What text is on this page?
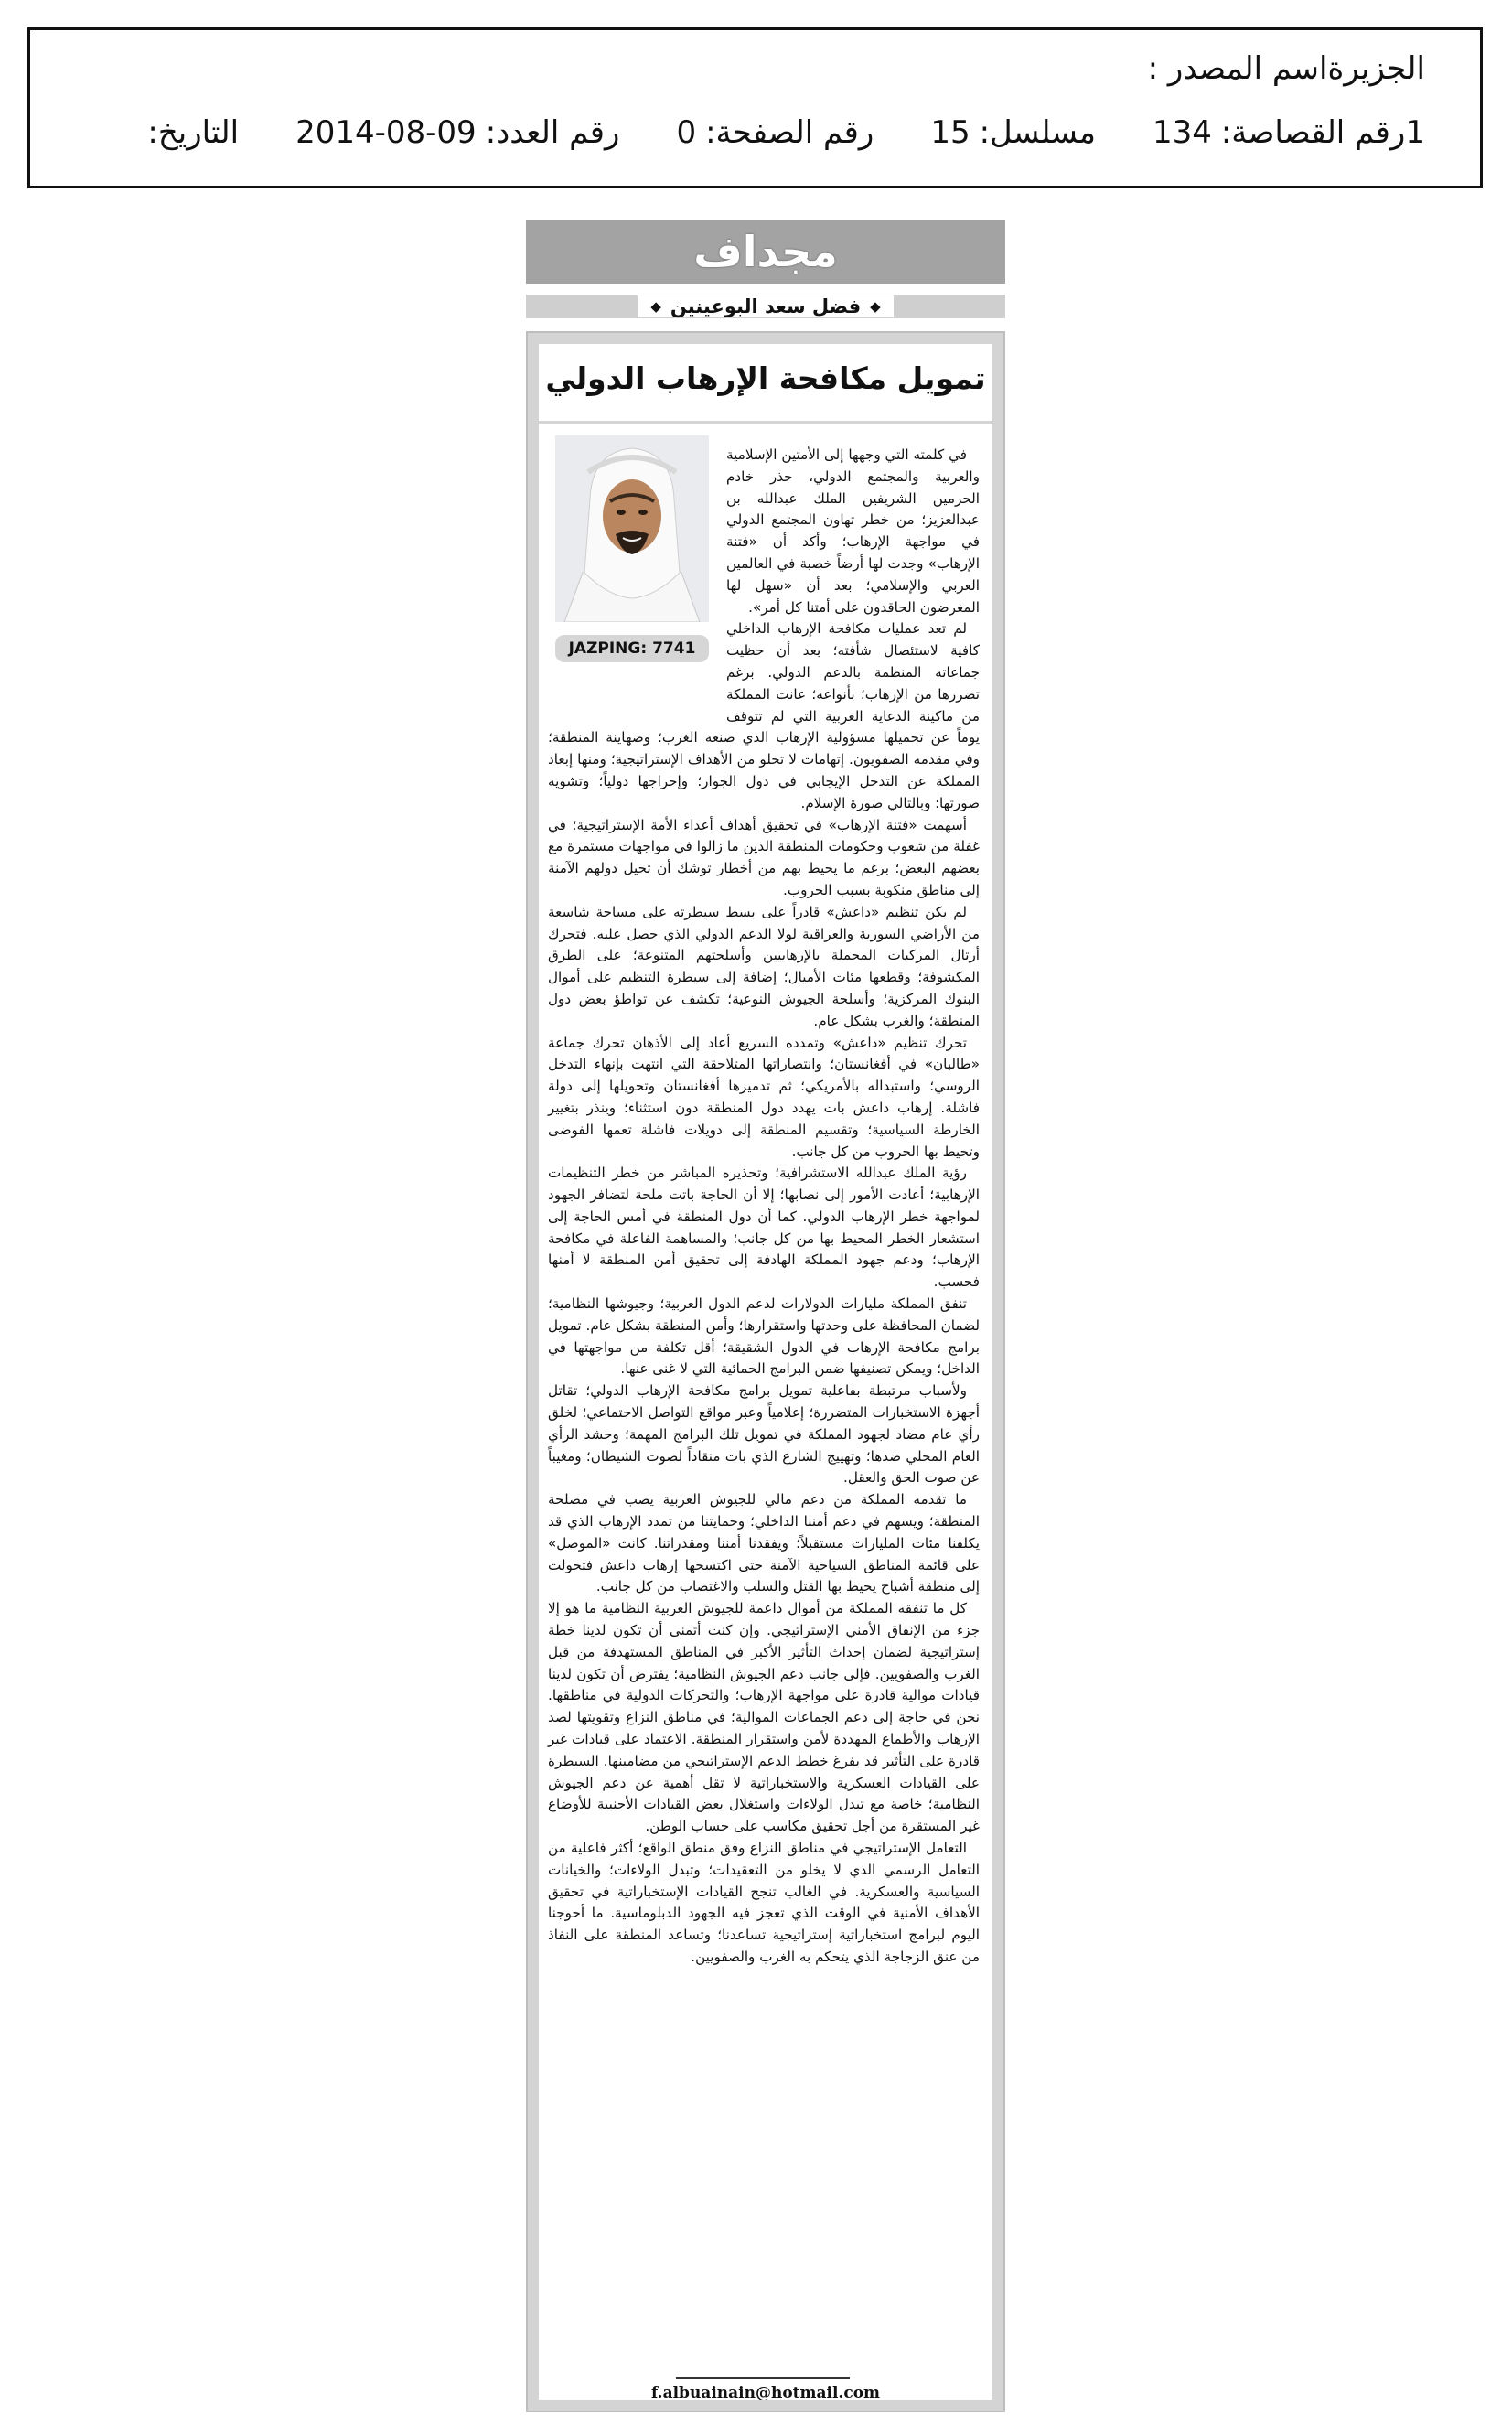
اسم المصدر : الجزيرة
التاريخ: 2014-08-09 رقم العدد: 0 رقم الصفحة: 15 مسلسل: 134 رقم القصاصة: 1
مجداف
◆
فضل سعد البوعينين
◆
تمويل مكافحة الإرهاب الدولي
JAZPING: 7741

في كلمته التي وجهها إلى الأمتين الإسلامية والعربية والمجتمع الدولي، حذر خادم الحرمين الشريفين الملك عبدالله بن عبدالعزيز؛ من خطر تهاون المجتمع الدولي في مواجهة الإرهاب؛ وأكد أن «فتنة الإرهاب» وجدت لها أرضاً خصبة في العالمين العربي والإسلامي؛ بعد أن «سهل لها المغرضون الحاقدون على أمتنا كل أمر».

لم تعد عمليات مكافحة الإرهاب الداخلي كافية لاستئصال شأفته؛ بعد أن حظيت جماعاته المنظمة بالدعم الدولي. برغم تضررها من الإرهاب؛ بأنواعه؛ عانت المملكة من ماكينة الدعاية الغربية التي لم تتوقف يوماً عن تحميلها مسؤولية الإرهاب الذي صنعه الغرب؛ وصهاينة المنطقة؛ وفي مقدمه الصفويون. إتهامات لا تخلو من الأهداف الإستراتيجية؛ ومنها إبعاد المملكة عن التدخل الإيجابي في دول الجوار؛ وإحراجها دولياً؛ وتشويه صورتها؛ وبالتالي صورة الإسلام.

أسهمت «فتنة الإرهاب» في تحقيق أهداف أعداء الأمة الإستراتيجية؛ في غفلة من شعوب وحكومات المنطقة الذين ما زالوا في مواجهات مستمرة مع بعضهم البعض؛ برغم ما يحيط بهم من أخطار توشك أن تحيل دولهم الآمنة إلى مناطق منكوبة بسبب الحروب.

لم يكن تنظيم «داعش» قادراً على بسط سيطرته على مساحة شاسعة من الأراضي السورية والعراقية لولا الدعم الدولي الذي حصل عليه. فتحرك أرتال المركبات المحملة بالإرهابيين وأسلحتهم المتنوعة؛ على الطرق المكشوفة؛ وقطعها مئات الأميال؛ إضافة إلى سيطرة التنظيم على أموال البنوك المركزية؛ وأسلحة الجيوش النوعية؛ تكشف عن تواطؤ بعض دول المنطقة؛ والغرب بشكل عام.

تحرك تنظيم «داعش» وتمدده السريع أعاد إلى الأذهان تحرك جماعة «طالبان» في أفغانستان؛ وانتصاراتها المتلاحقة التي انتهت بإنهاء التدخل الروسي؛ واستبداله بالأمريكي؛ ثم تدميرها أفغانستان وتحويلها إلى دولة فاشلة. إرهاب داعش بات يهدد دول المنطقة دون استثناء؛ وينذر بتغيير الخارطة السياسية؛ وتقسيم المنطقة إلى دويلات فاشلة تعمها الفوضى وتحيط بها الحروب من كل جانب.

رؤية الملك عبدالله الاستشرافية؛ وتحذيره المباشر من خطر التنظيمات الإرهابية؛ أعادت الأمور إلى نصابها؛ إلا أن الحاجة باتت ملحة لتضافر الجهود لمواجهة خطر الإرهاب الدولي. كما أن دول المنطقة في أمس الحاجة إلى استشعار الخطر المحيط بها من كل جانب؛ والمساهمة الفاعلة في مكافحة الإرهاب؛ ودعم جهود المملكة الهادفة إلى تحقيق أمن المنطقة لا أمنها فحسب.

تنفق المملكة مليارات الدولارات لدعم الدول العربية؛ وجيوشها النظامية؛ لضمان المحافظة على وحدتها واستقرارها؛ وأمن المنطقة بشكل عام. تمويل برامج مكافحة الإرهاب في الدول الشقيقة؛ أقل تكلفة من مواجهتها في الداخل؛ ويمكن تصنيفها ضمن البرامج الحمائية التي لا غنى عنها.

ولأسباب مرتبطة بفاعلية تمويل برامج مكافحة الإرهاب الدولي؛ تقاتل أجهزة الاستخبارات المتضررة؛ إعلامياً وعبر مواقع التواصل الاجتماعي؛ لخلق رأي عام مضاد لجهود المملكة في تمويل تلك البرامج المهمة؛ وحشد الرأي العام المحلي ضدها؛ وتهييج الشارع الذي بات منقاداً لصوت الشيطان؛ ومغيباً عن صوت الحق والعقل.

ما تقدمه المملكة من دعم مالي للجيوش العربية يصب في مصلحة المنطقة؛ ويسهم في دعم أمننا الداخلي؛ وحمايتنا من تمدد الإرهاب الذي قد يكلفنا مئات المليارات مستقبلاً؛ ويفقدنا أمننا ومقدراتنا. كانت «الموصل» على قائمة المناطق السياحية الآمنة حتى اكتسحها إرهاب داعش فتحولت إلى منطقة أشباح يحيط بها القتل والسلب والاغتصاب من كل جانب.

كل ما تنفقه المملكة من أموال داعمة للجيوش العربية النظامية ما هو إلا جزء من الإنفاق الأمني الإستراتيجي. وإن كنت أتمنى أن تكون لدينا خطة إستراتيجية لضمان إحداث التأثير الأكبر في المناطق المستهدفة من قبل الغرب والصفويين. فإلى جانب دعم الجيوش النظامية؛ يفترض أن تكون لدينا قيادات موالية قادرة على مواجهة الإرهاب؛ والتحركات الدولية في مناطقها. نحن في حاجة إلى دعم الجماعات الموالية؛ في مناطق النزاع وتقويتها لصد الإرهاب والأطماع المهددة لأمن واستقرار المنطقة. الاعتماد على قيادات غير قادرة على التأثير قد يفرغ خطط الدعم الإستراتيجي من مضامينها. السيطرة على القيادات العسكرية والاستخباراتية لا تقل أهمية عن دعم الجيوش النظامية؛ خاصة مع تبدل الولاءات واستغلال بعض القيادات الأجنبية للأوضاع غير المستقرة من أجل تحقيق مكاسب على حساب الوطن.

التعامل الإستراتيجي في مناطق النزاع وفق منطق الواقع؛ أكثر فاعلية من التعامل الرسمي الذي لا يخلو من التعقيدات؛ وتبدل الولاءات؛ والخيانات السياسية والعسكرية. في الغالب تنجح القيادات الإستخباراتية في تحقيق الأهداف الأمنية في الوقت الذي تعجز فيه الجهود الدبلوماسية. ما أحوجنا اليوم لبرامج استخباراتية إستراتيجية تساعدنا؛ وتساعد المنطقة على النفاذ من عنق الزجاجة الذي يتحكم به الغرب والصفويين.

f.albuainain@hotmail.com
